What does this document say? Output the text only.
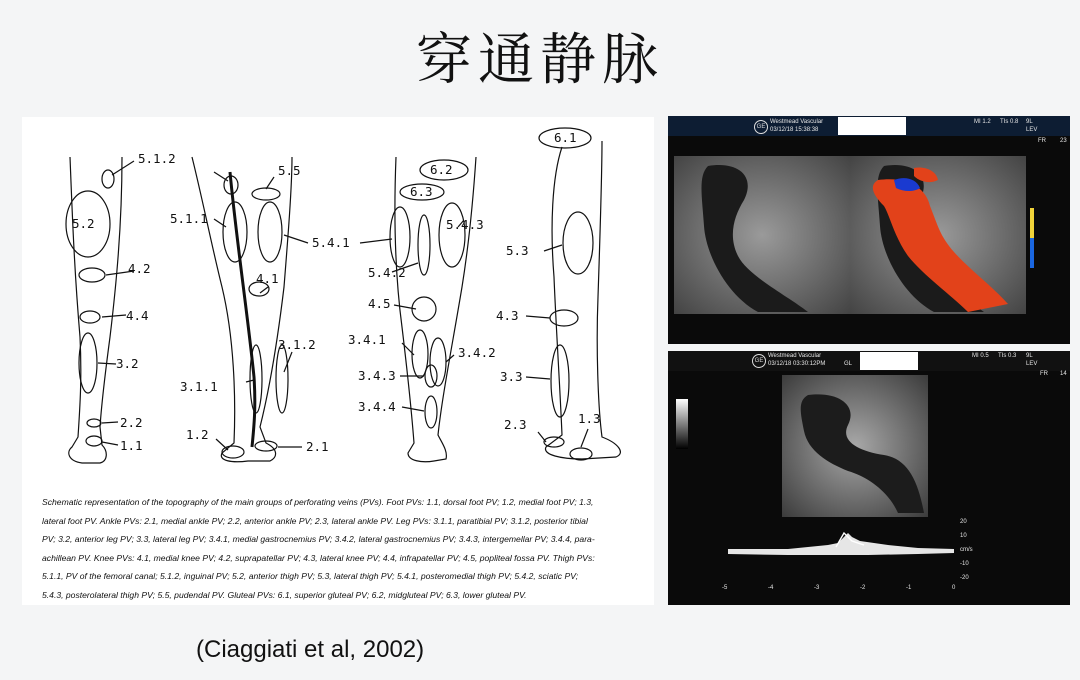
穿通静脉
5.1.2
5.2
4.2
4.4
3.2
2.2
1.1
5.5
5.1.1
5.4.1
4.1
3.1.2
3.1.1
1.2
2.1
6.2
6.3
5.4.3
5.4.2
4.5
3.4.1
3.4.2
3.4.3
3.4.4
6.1
5.3
4.3
3.3
2.3	1.3
Schematic representation of the topography of the main groups of perforating veins (PVs). Foot PVs: 1.1, dorsal foot PV; 1.2, medial foot PV; 1.3,
lateral foot PV. Ankle PVs: 2.1, medial ankle PV; 2.2, anterior ankle PV; 2.3, lateral ankle PV. Leg PVs: 3.1.1, paratibial PV; 3.1.2, posterior tibial
PV; 3.2, anterior leg PV; 3.3, lateral leg PV; 3.4.1, medial gastrocnemius PV; 3.4.2, lateral gastrocnemius PV; 3.4.3, intergemellar PV; 3.4.4, para-
achillean PV. Knee PVs: 4.1, medial knee PV; 4.2, suprapatellar PV; 4.3, lateral knee PV; 4.4, infrapatellar PV; 4.5, popliteal fossa PV. Thigh PVs:
5.1.1, PV of the femoral canal; 5.1.2, inguinal PV; 5.2, anterior thigh PV; 5.3, lateral thigh PV; 5.4.1, posteromedial thigh PV; 5.4.2, sciatic PV;
5.4.3, posterolateral thigh PV; 5.5, pudendal PV. Gluteal PVs: 6.1, superior gluteal PV; 6.2, midgluteal PV; 6.3, lower gluteal PV.
GE
Westmead Vascular
03/12/18 15:38:38
MI 1.2 TIs 0.8 9L
LEV
FR 23
GE
Westmead Vascular
03/12/18 03:30:12PM	GL
MI 0.5 TIs 0.3 9L
LEV
FR 14
20
10
cm/s
-10
-20
-5	-4	-3	-2	-1	0
(Ciaggiati et al, 2002)
